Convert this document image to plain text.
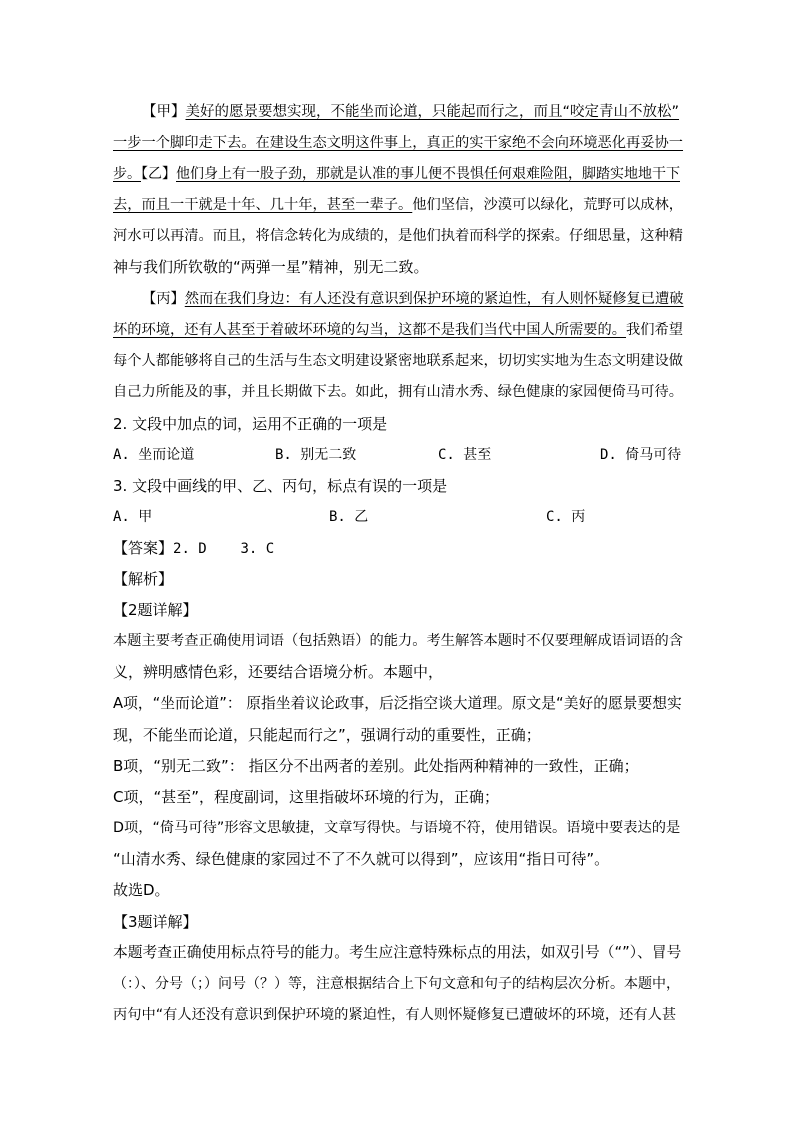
【甲】美好的愿景要想实现，不能坐而论道，只能起而行之，而且“咬定青山不放松”
一步一个脚印走下去。在建设生态文明这件事上，真正的实干家绝不会向环境恶化再妥协一
步。【乙】他们身上有一股子劲，那就是认准的事儿便不畏惧任何艰难险阻，脚踏实地地干下
去，而且一干就是十年、几十年，甚至一辈子。他们坚信，沙漠可以绿化，荒野可以成林，
河水可以再清。而且，将信念转化为成绩的，是他们执着而科学的探索。仔细思量，这种精
神与我们所钦敬的“两弹一星”精神，别无二致。
【丙】然而在我们身边：有人还没有意识到保护环境的紧迫性，有人则怀疑修复已遭破
坏的环境，还有人甚至于着破坏环境的勾当，这都不是我们当代中国人所需要的。我们希望
每个人都能够将自己的生活与生态文明建设紧密地联系起来，切切实实地为生态文明建设做
自己力所能及的事，并且长期做下去。如此，拥有山清水秀、绿色健康的家园便倚马可待。
2. 文段中加点的词，运用不正确的一项是
A. 坐而论道	B. 别无二致	C. 甚至	D. 倚马可待
3. 文段中画线的甲、乙、丙句，标点有误的一项是
A. 甲	B. 乙	C. 丙
【答案】2. D    3. C
【解析】
【2题详解】
本题主要考查正确使用词语（包括熟语）的能力。考生解答本题时不仅要理解成语词语的含
义，辨明感情色彩，还要结合语境分析。本题中，
A项，“坐而论道”： 原指坐着议论政事，后泛指空谈大道理。原文是“美好的愿景要想实
现，不能坐而论道，只能起而行之”，强调行动的重要性，正确；
B项，“别无二致”： 指区分不出两者的差别。此处指两种精神的一致性，正确；
C项，“甚至”，程度副词，这里指破坏环境的行为，正确；
D项，“倚马可待”形容文思敏捷，文章写得快。与语境不符，使用错误。语境中要表达的是
“山清水秀、绿色健康的家园过不了不久就可以得到”，应该用“指日可待”。
故选D。
【3题详解】
本题考查正确使用标点符号的能力。考生应注意特殊标点的用法，如双引号（“”）、冒号
（：）、分号（；）问号（？）等，注意根据结合上下句文意和句子的结构层次分析。本题中，
丙句中“有人还没有意识到保护环境的紧迫性，有人则怀疑修复已遭破坏的环境，还有人甚
